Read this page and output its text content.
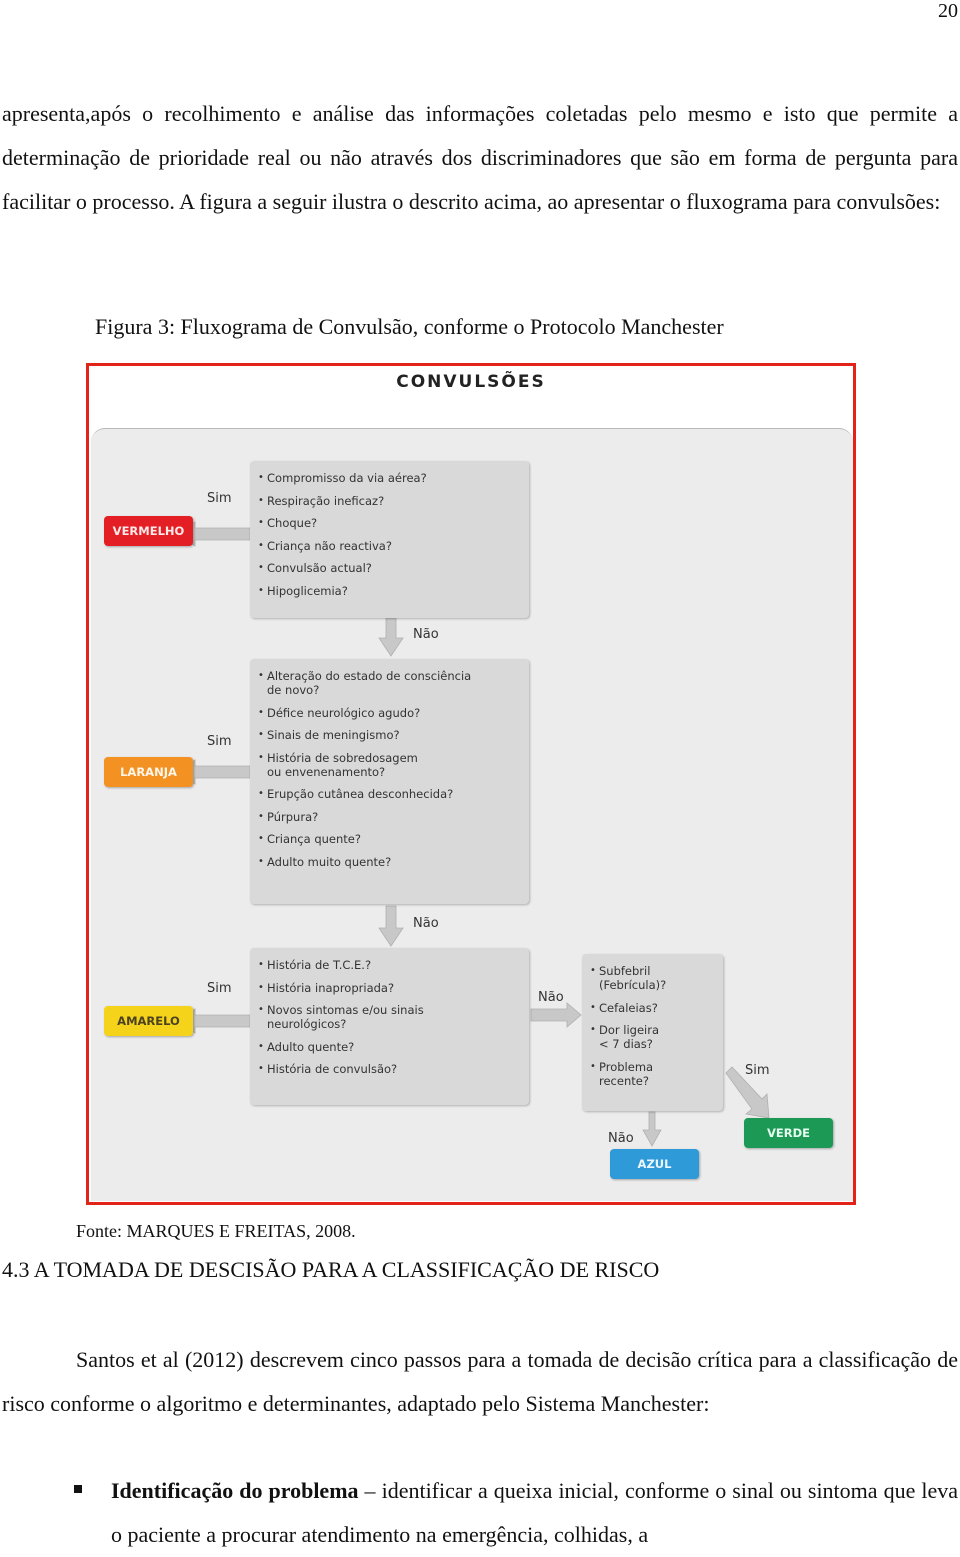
20

apresenta,após o recolhimento e análise das informações coletadas pelo mesmo e isto que permite a determinação de prioridade real ou não através dos discriminadores que são em forma de pergunta para facilitar o processo. A figura a seguir ilustra o descrito acima, ao apresentar o fluxograma para convulsões:

Figura 3: Fluxograma de Convulsão, conforme o Protocolo Manchester
CONVULSÕES
• Compromisso da via aérea?
• Respiração ineficaz?
• Choque?
• Criança não reactiva?
• Convulsão actual?
• Hipoglicemia?
• Alteração do estado de consciência
de novo?
• Défice neurológico agudo?
• Sinais de meningismo?
• História de sobredosagem
ou envenenamento?
• Erupção cutânea desconhecida?
• Púrpura?
• Criança quente?
• Adulto muito quente?
• História de T.C.E.?
• História inapropriada?
• Novos sintomas e/ou sinais
neurológicos?
• Adulto quente?
• História de convulsão?
• Subfebril
(Febrícula)?
• Cefaleias?
• Dor ligeira
< 7 dias?
• Problema
recente?
VERMELHO
LARANJA
AMARELO
VERDE
AZUL
Sim
Não
Sim
Não
Sim
Não
Sim
Não
Fonte: MARQUES E FREITAS, 2008.
4.3 A TOMADA DE DESCISÃO PARA A CLASSIFICAÇÃO DE RISCO

Santos et al (2012) descrevem cinco passos para a tomada de decisão crítica para a classificação de risco conforme o algoritmo e determinantes, adaptado pelo Sistema Manchester:

Identificação do problema – identificar a queixa inicial, conforme o sinal ou sintoma que leva o paciente a procurar atendimento na emergência, colhidas, a
